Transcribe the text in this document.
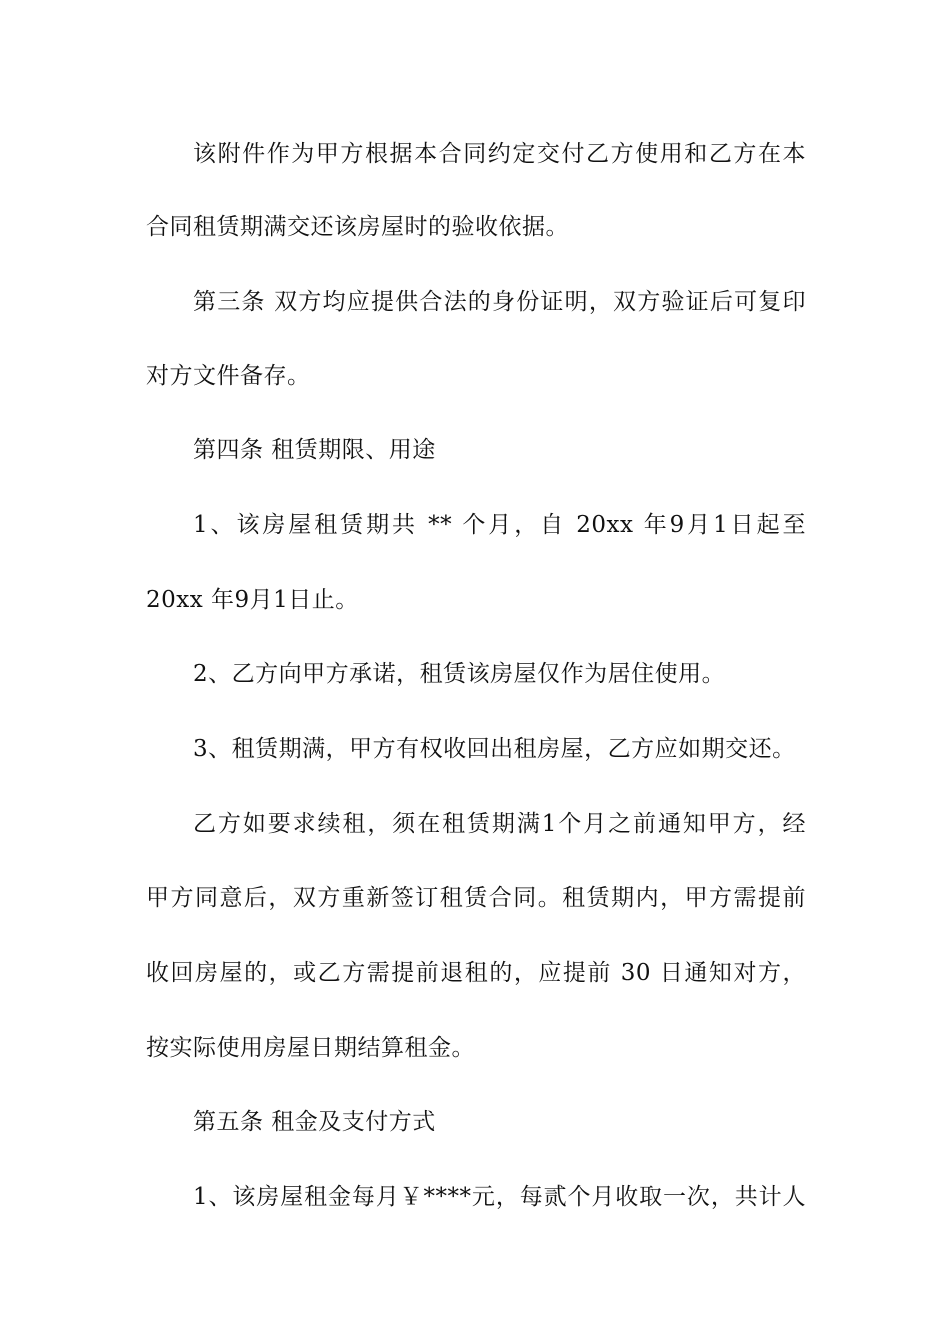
该附件作为甲方根据本合同约定交付乙方使用和乙方在本
合同租赁期满交还该房屋时的验收依据。
第三条 双方均应提供合法的身份证明，双方验证后可复印
对方文件备存。
第四条 租赁期限、用途
1、该房屋租赁期共 ** 个月，自 20xx 年9月1日起至
20xx 年9月1日止。
2、乙方向甲方承诺，租赁该房屋仅作为居住使用。
3、租赁期满，甲方有权收回出租房屋，乙方应如期交还。
乙方如要求续租，须在租赁期满1个月之前通知甲方，经
甲方同意后，双方重新签订租赁合同。租赁期内，甲方需提前
收回房屋的，或乙方需提前退租的，应提前 30 日通知对方，
按实际使用房屋日期结算租金。
第五条 租金及支付方式
1、该房屋租金每月￥****元，每贰个月收取一次，共计人
